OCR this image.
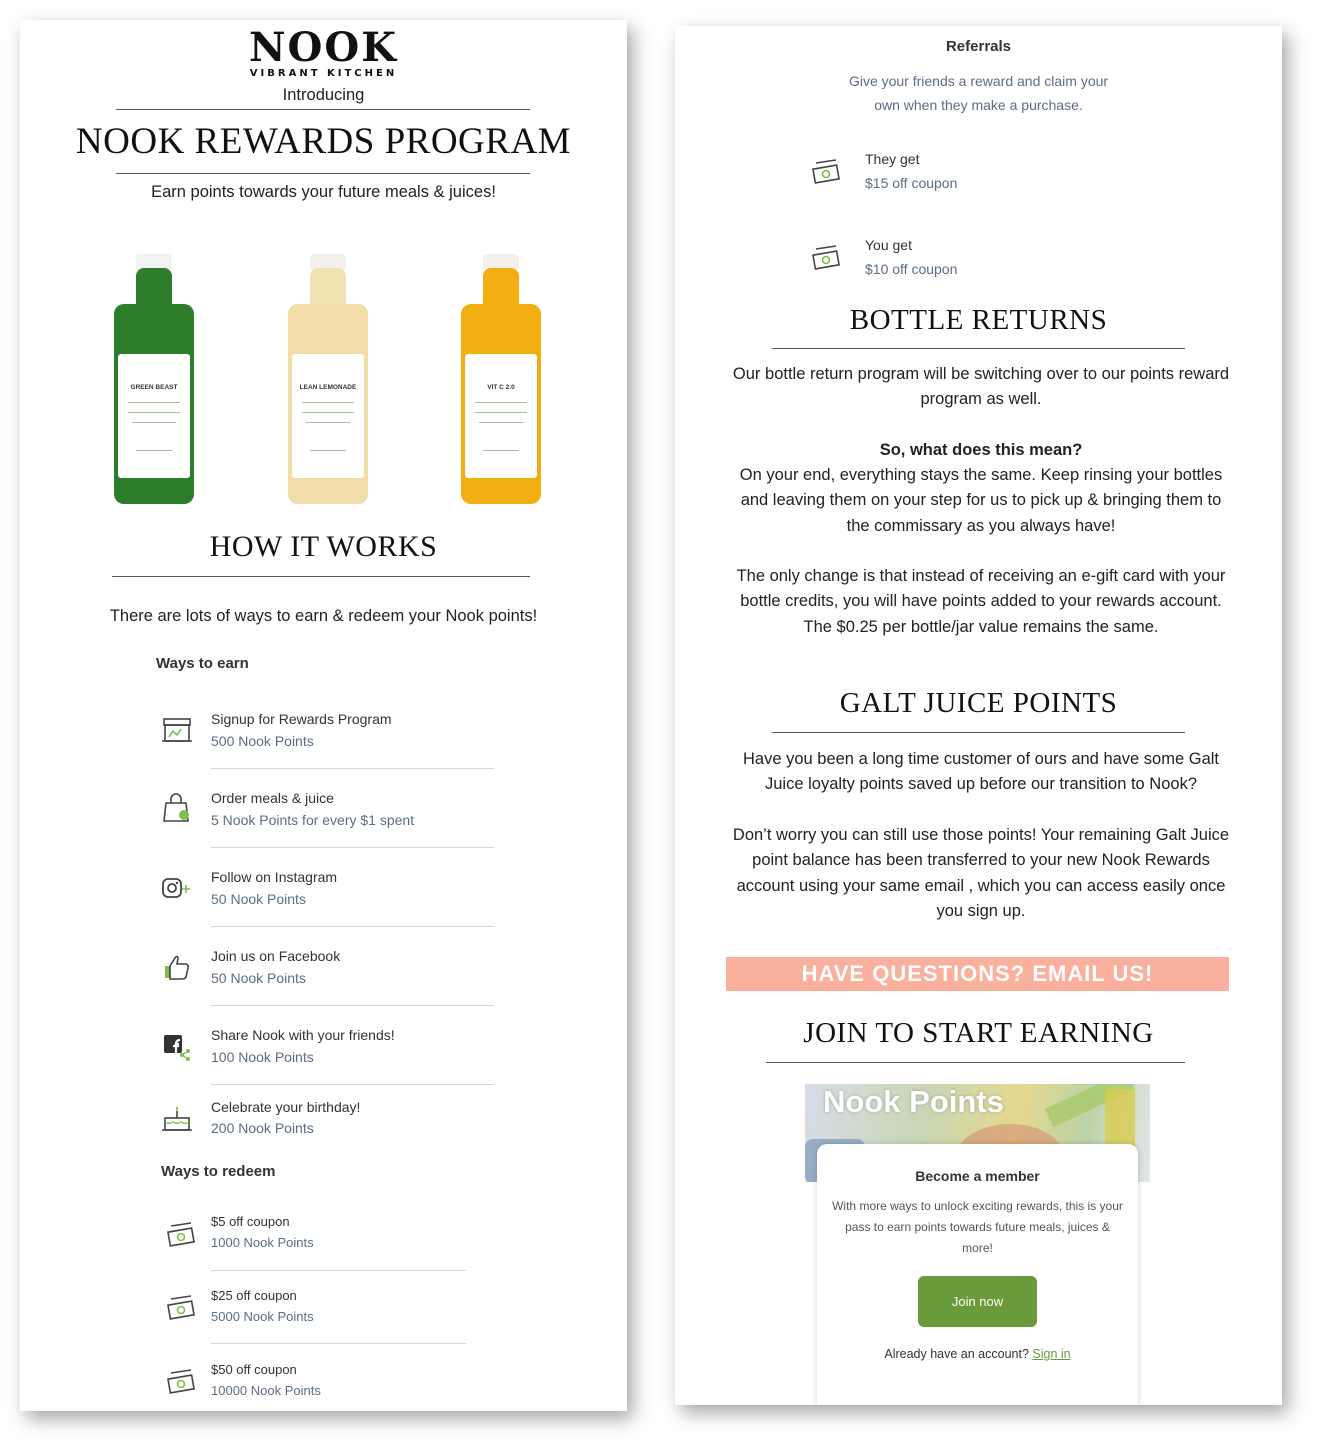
NOOK
VIBRANT KITCHEN
Introducing
NOOK REWARDS PROGRAM
Earn points towards your future meals & juices!
GREEN BEAST	LEAN LEMONADE	VIT C 2.0
HOW IT WORKS
There are lots of ways to earn & redeem your Nook points!
Ways to earn
Signup for Rewards Program
500 Nook Points
Order meals & juice
5 Nook Points for every $1 spent
Follow on Instagram
50 Nook Points
Join us on Facebook
50 Nook Points
Share Nook with your friends!
100 Nook Points
Celebrate your birthday!
200 Nook Points
Ways to redeem
$5 off coupon
1000 Nook Points
$25 off coupon
5000 Nook Points
$50 off coupon
10000 Nook Points
Referrals
Give your friends a reward and claim your
own when they make a purchase.
They get
$15 off coupon
You get
$10 off coupon
BOTTLE RETURNS
Our bottle return program will be switching over to our points reward program as well.
So, what does this mean?
On your end, everything stays the same. Keep rinsing your bottles and leaving them on your step for us to pick up & bringing them to the commissary as you always have!
The only change is that instead of receiving an e-gift card with your bottle credits, you will have points added to your rewards account. The $0.25 per bottle/jar value remains the same.
GALT JUICE POINTS
Have you been a long time customer of ours and have some Galt Juice loyalty points saved up before our transition to Nook?
Don’t worry you can still use those points! Your remaining Galt Juice point balance has been transferred to your new Nook Rewards account using your same email , which you can access easily once you sign up.
HAVE QUESTIONS? EMAIL US!
JOIN TO START EARNING
Nook Points
Become a member
With more ways to unlock exciting rewards, this is your pass to earn points towards future meals, juices & more!
Join now
Already have an account? Sign in
